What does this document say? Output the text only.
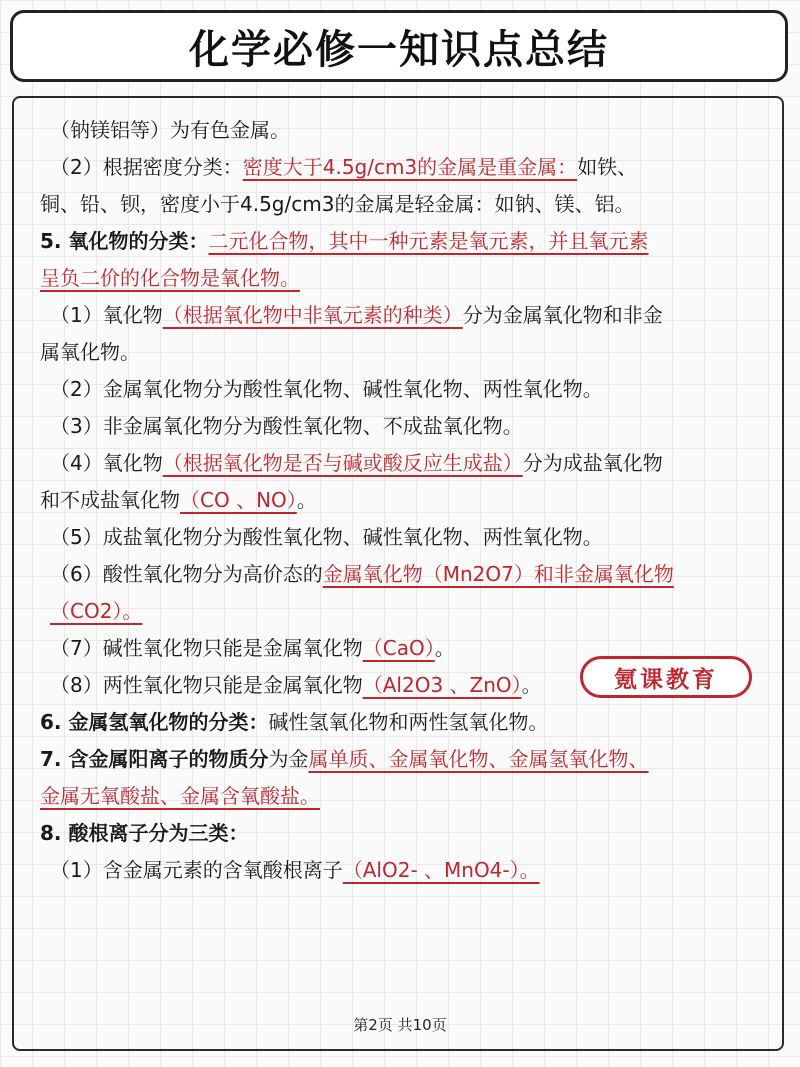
化学必修一知识点总结
（钠镁铝等）为有色金属。
（2）根据密度分类：密度大于4.5g/cm3的金属是重金属：如铁、
铜、铅、钡，密度小于4.5g/cm3的金属是轻金属：如钠、镁、铝。
5. 氧化物的分类：二元化合物，其中一种元素是氧元素，并且氧元素
呈负二价的化合物是氧化物。
（1）氧化物（根据氧化物中非氧元素的种类）分为金属氧化物和非金
属氧化物。
（2）金属氧化物分为酸性氧化物、碱性氧化物、两性氧化物。
（3）非金属氧化物分为酸性氧化物、不成盐氧化物。
（4）氧化物（根据氧化物是否与碱或酸反应生成盐）分为成盐氧化物
和不成盐氧化物（CO 、NO）。
（5）成盐氧化物分为酸性氧化物、碱性氧化物、两性氧化物。
（6）酸性氧化物分为高价态的金属氧化物（Mn2O7）和非金属氧化物
（CO2）。
（7）碱性氧化物只能是金属氧化物（CaO）。
（8）两性氧化物只能是金属氧化物（Al2O3 、ZnO）。
6. 金属氢氧化物的分类：碱性氢氧化物和两性氢氧化物。
7. 含金属阳离子的物质分为金属单质、金属氧化物、金属氢氧化物、
金属无氧酸盐、金属含氧酸盐。
8. 酸根离子分为三类：
（1）含金属元素的含氧酸根离子（AlO2- 、MnO4-）。
氪课教育
第2页 共10页
